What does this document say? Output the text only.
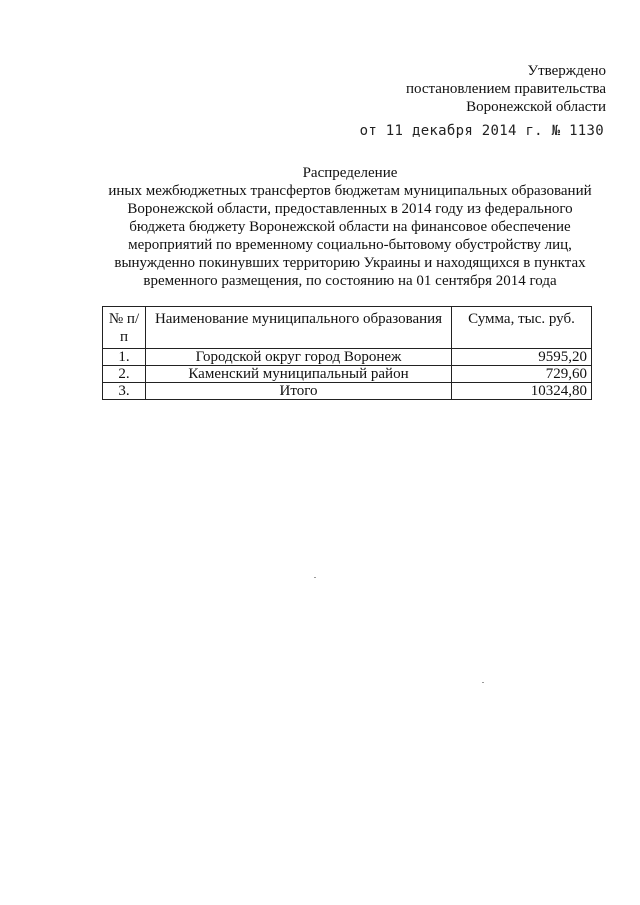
Утверждено
постановлением правительства
Воронежской области
от 11 декабря 2014 г. № 1130
Распределение
иных межбюджетных трансфертов бюджетам муниципальных образований Воронежской области, предоставленных в 2014 году из федерального бюджета бюджету Воронежской области на финансовое обеспечение мероприятий по временному социально-бытовому обустройству лиц, вынужденно покинувших территорию Украины и находящихся в пунктах временного размещения, по состоянию на 01 сентября 2014 года
№ п/п	Наименование муниципального образования	Сумма, тыс. руб.
1.	Городской округ город Воронеж	9595,20
2.	Каменский муниципальный район	729,60
3.	Итого	10324,80
